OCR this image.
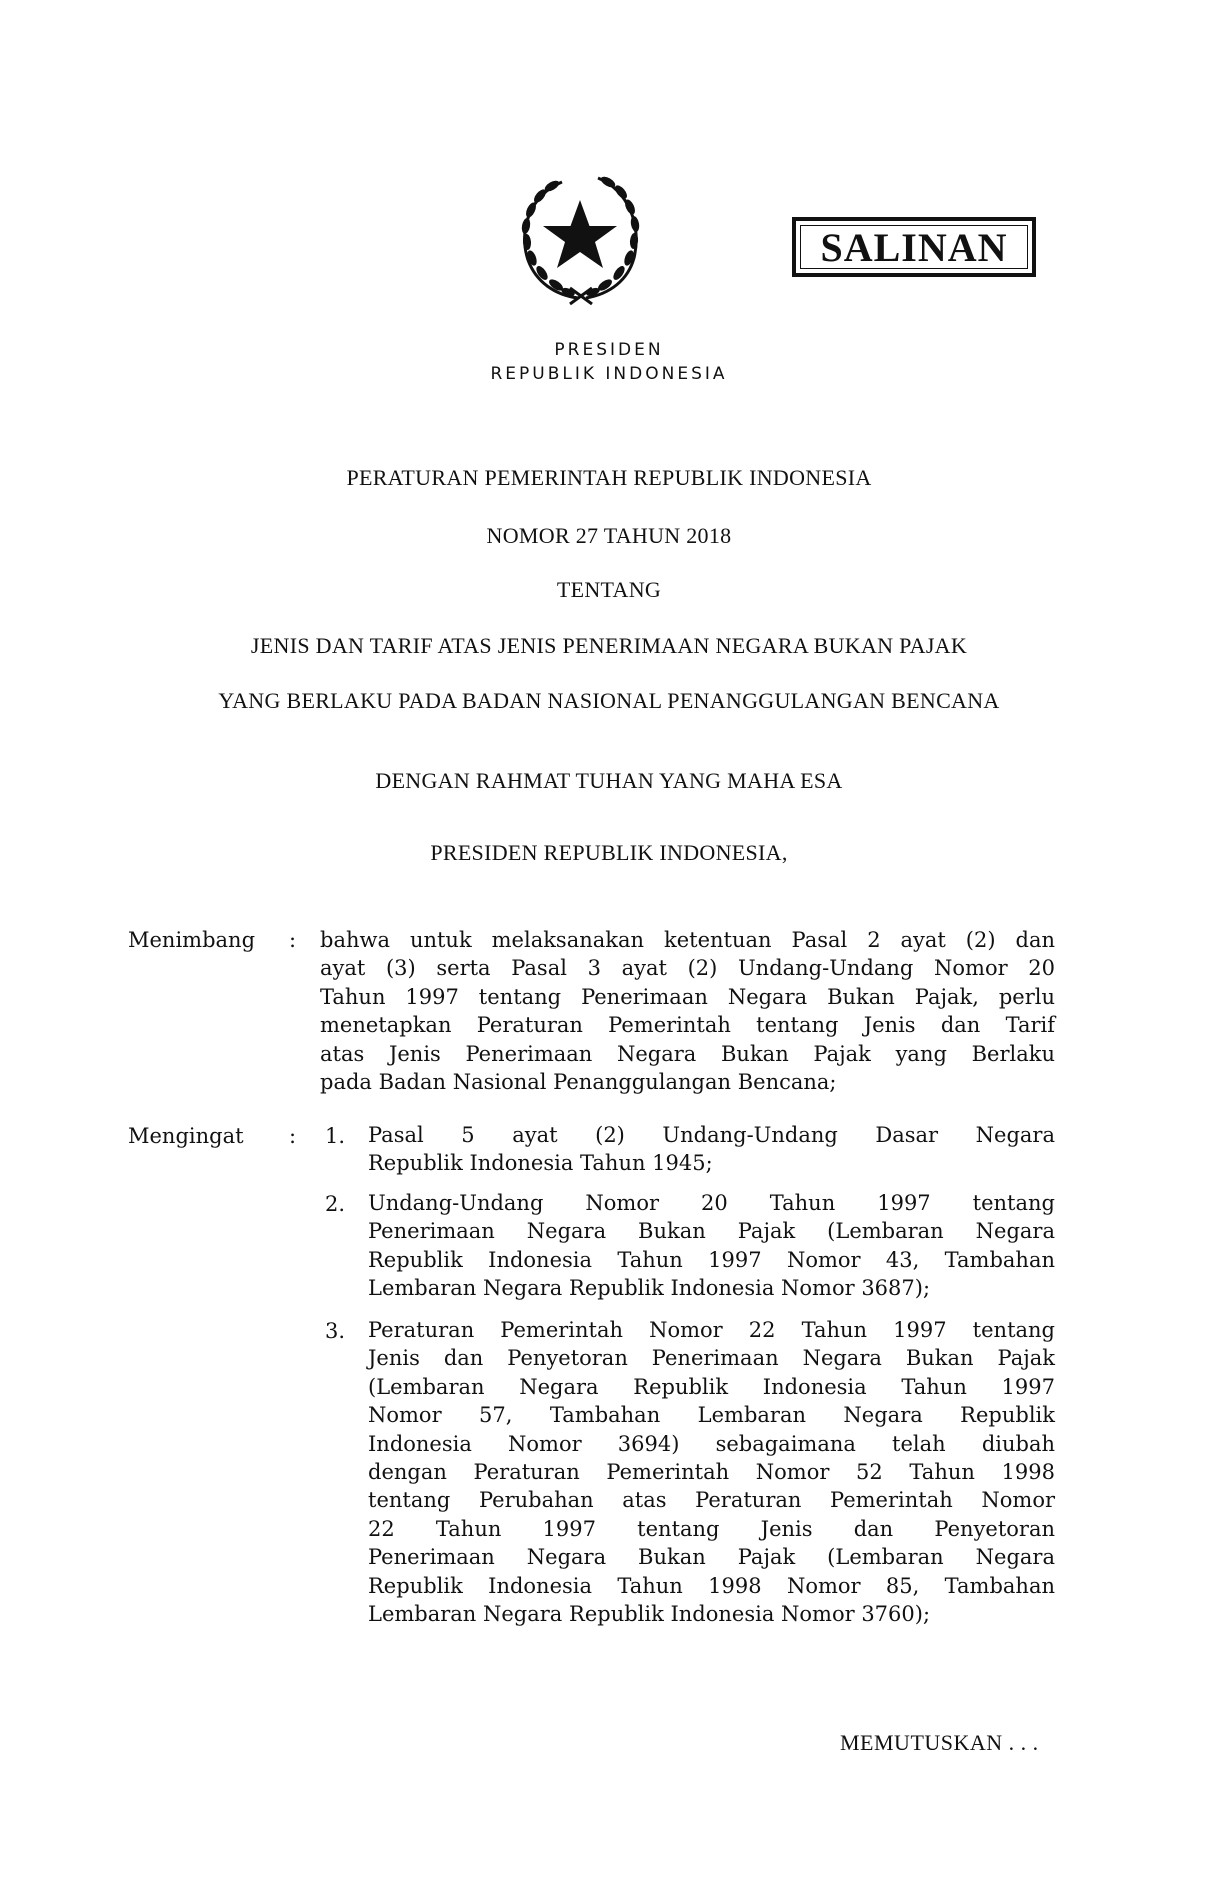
SALINAN
PRESIDEN
REPUBLIK INDONESIA
PERATURAN PEMERINTAH REPUBLIK INDONESIA
NOMOR 27 TAHUN 2018
TENTANG
JENIS DAN TARIF ATAS JENIS PENERIMAAN NEGARA BUKAN PAJAK
YANG BERLAKU PADA BADAN NASIONAL PENANGGULANGAN BENCANA
DENGAN RAHMAT TUHAN YANG MAHA ESA
PRESIDEN REPUBLIK INDONESIA,
Menimbang : bahwa untuk melaksanakan ketentuan Pasal 2 ayat (2) dan
ayat (3) serta Pasal 3 ayat (2) Undang-Undang Nomor 20
Tahun 1997 tentang Penerimaan Negara Bukan Pajak, perlu
menetapkan Peraturan Pemerintah tentang Jenis dan Tarif
atas Jenis Penerimaan Negara Bukan Pajak yang Berlaku
pada Badan Nasional Penanggulangan Bencana;
Mengingat : 1. Pasal 5 ayat (2) Undang-Undang Dasar Negara
Republik Indonesia Tahun 1945;
2. Undang-Undang Nomor 20 Tahun 1997 tentang
Penerimaan Negara Bukan Pajak (Lembaran Negara
Republik Indonesia Tahun 1997 Nomor 43, Tambahan
Lembaran Negara Republik Indonesia Nomor 3687);
3. Peraturan Pemerintah Nomor 22 Tahun 1997 tentang
Jenis dan Penyetoran Penerimaan Negara Bukan Pajak
(Lembaran Negara Republik Indonesia Tahun 1997
Nomor 57, Tambahan Lembaran Negara Republik
Indonesia Nomor 3694) sebagaimana telah diubah
dengan Peraturan Pemerintah Nomor 52 Tahun 1998
tentang Perubahan atas Peraturan Pemerintah Nomor
22 Tahun 1997 tentang Jenis dan Penyetoran
Penerimaan Negara Bukan Pajak (Lembaran Negara
Republik Indonesia Tahun 1998 Nomor 85, Tambahan
Lembaran Negara Republik Indonesia Nomor 3760);
MEMUTUSKAN . . .
